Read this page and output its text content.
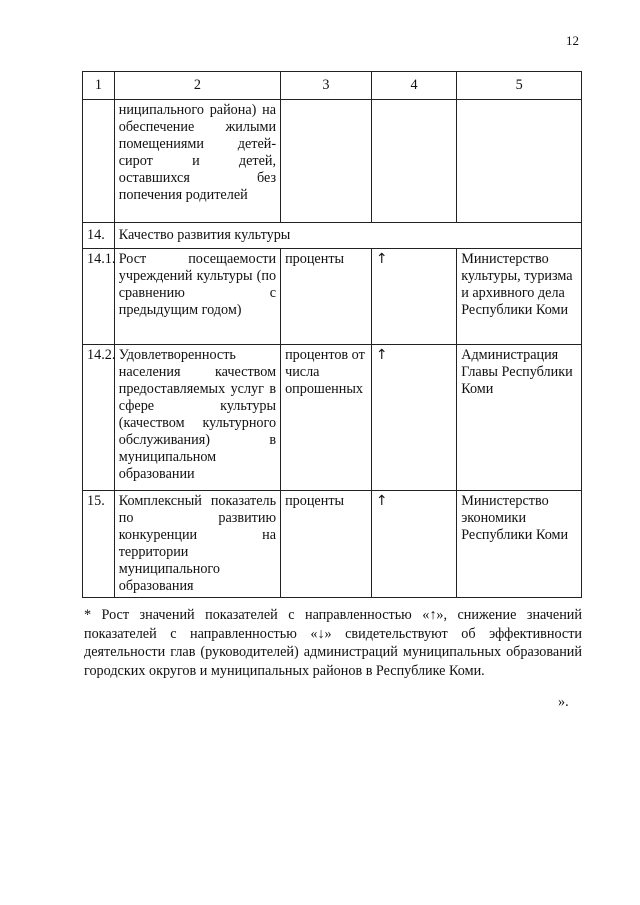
12
1	2	3	4	5
	ниципального района) на обеспечение жилыми помещениями детей-сирот и детей, оставшихся без попечения родителей			
14.	Качество развития культуры			
14.1.	Рост посещаемости учреждений культуры (по сравнению с предыдущим годом)	проценты	↑	Министерство культуры, туризма и архивного дела Республики Коми
14.2.	Удовлетворенность населения качеством предоставляемых услуг в сфере культуры (качеством культурного обслуживания) в муниципальном образовании	процентов от числа опрошенных	↑	Администрация Главы Республики Коми
15.	Комплексный показатель по развитию конкуренции на территории муниципального образования	проценты	↑	Министерство экономики Республики Коми
* Рост значений показателей с направленностью «↑», снижение значений показателей с направленностью «↓» свидетельствуют об эффективности деятельности глав (руководителей) администраций муниципальных образований городских округов и муниципальных районов в Республике Коми.
».
